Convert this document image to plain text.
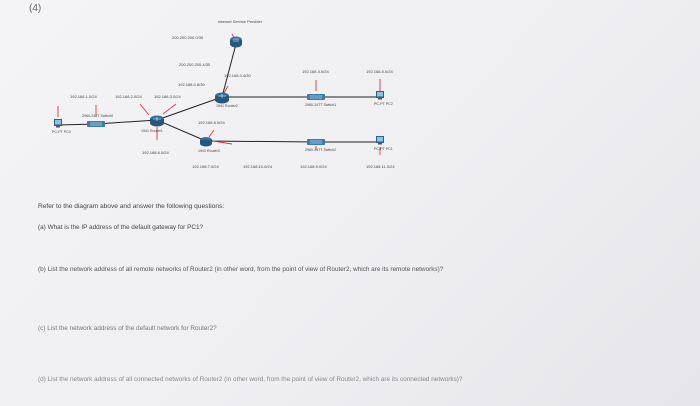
(4)
Internet Service Provider
200.200.200.0/30
200.200.200.4/30
192.168.0.4/30
192.168.0.8/30
192.168.4.0/24	192.168.5.0/24
192.168.1.0/24	192.168.2.0/24	192.168.3.0/24
192.168.8.0/24
192.168.6.0/24
192.168.7.0/24	192.168.10.0/24	192.168.9.0/24	192.168.11.0/24
1941 Router2
1941 Router1
1941 Router3
2960-24TT Switch0
2960-24TT Switch1
2960-24TT Switch2
PC-PT PC0
PC-PT PC2
PC-PT PC1
Refer to the diagram above and answer the following questions:
(a) What is the IP address of the default gateway for PC1?
(b) List the network address of all remote networks of Router2 (in other word, from the point of view of Router2, which are its remote networks)?
(c) List the network address of the default network for Router2?
(d) List the network address of all connected networks of Router2 (in other word, from the point of view of Router2, which are its connected networks)?
